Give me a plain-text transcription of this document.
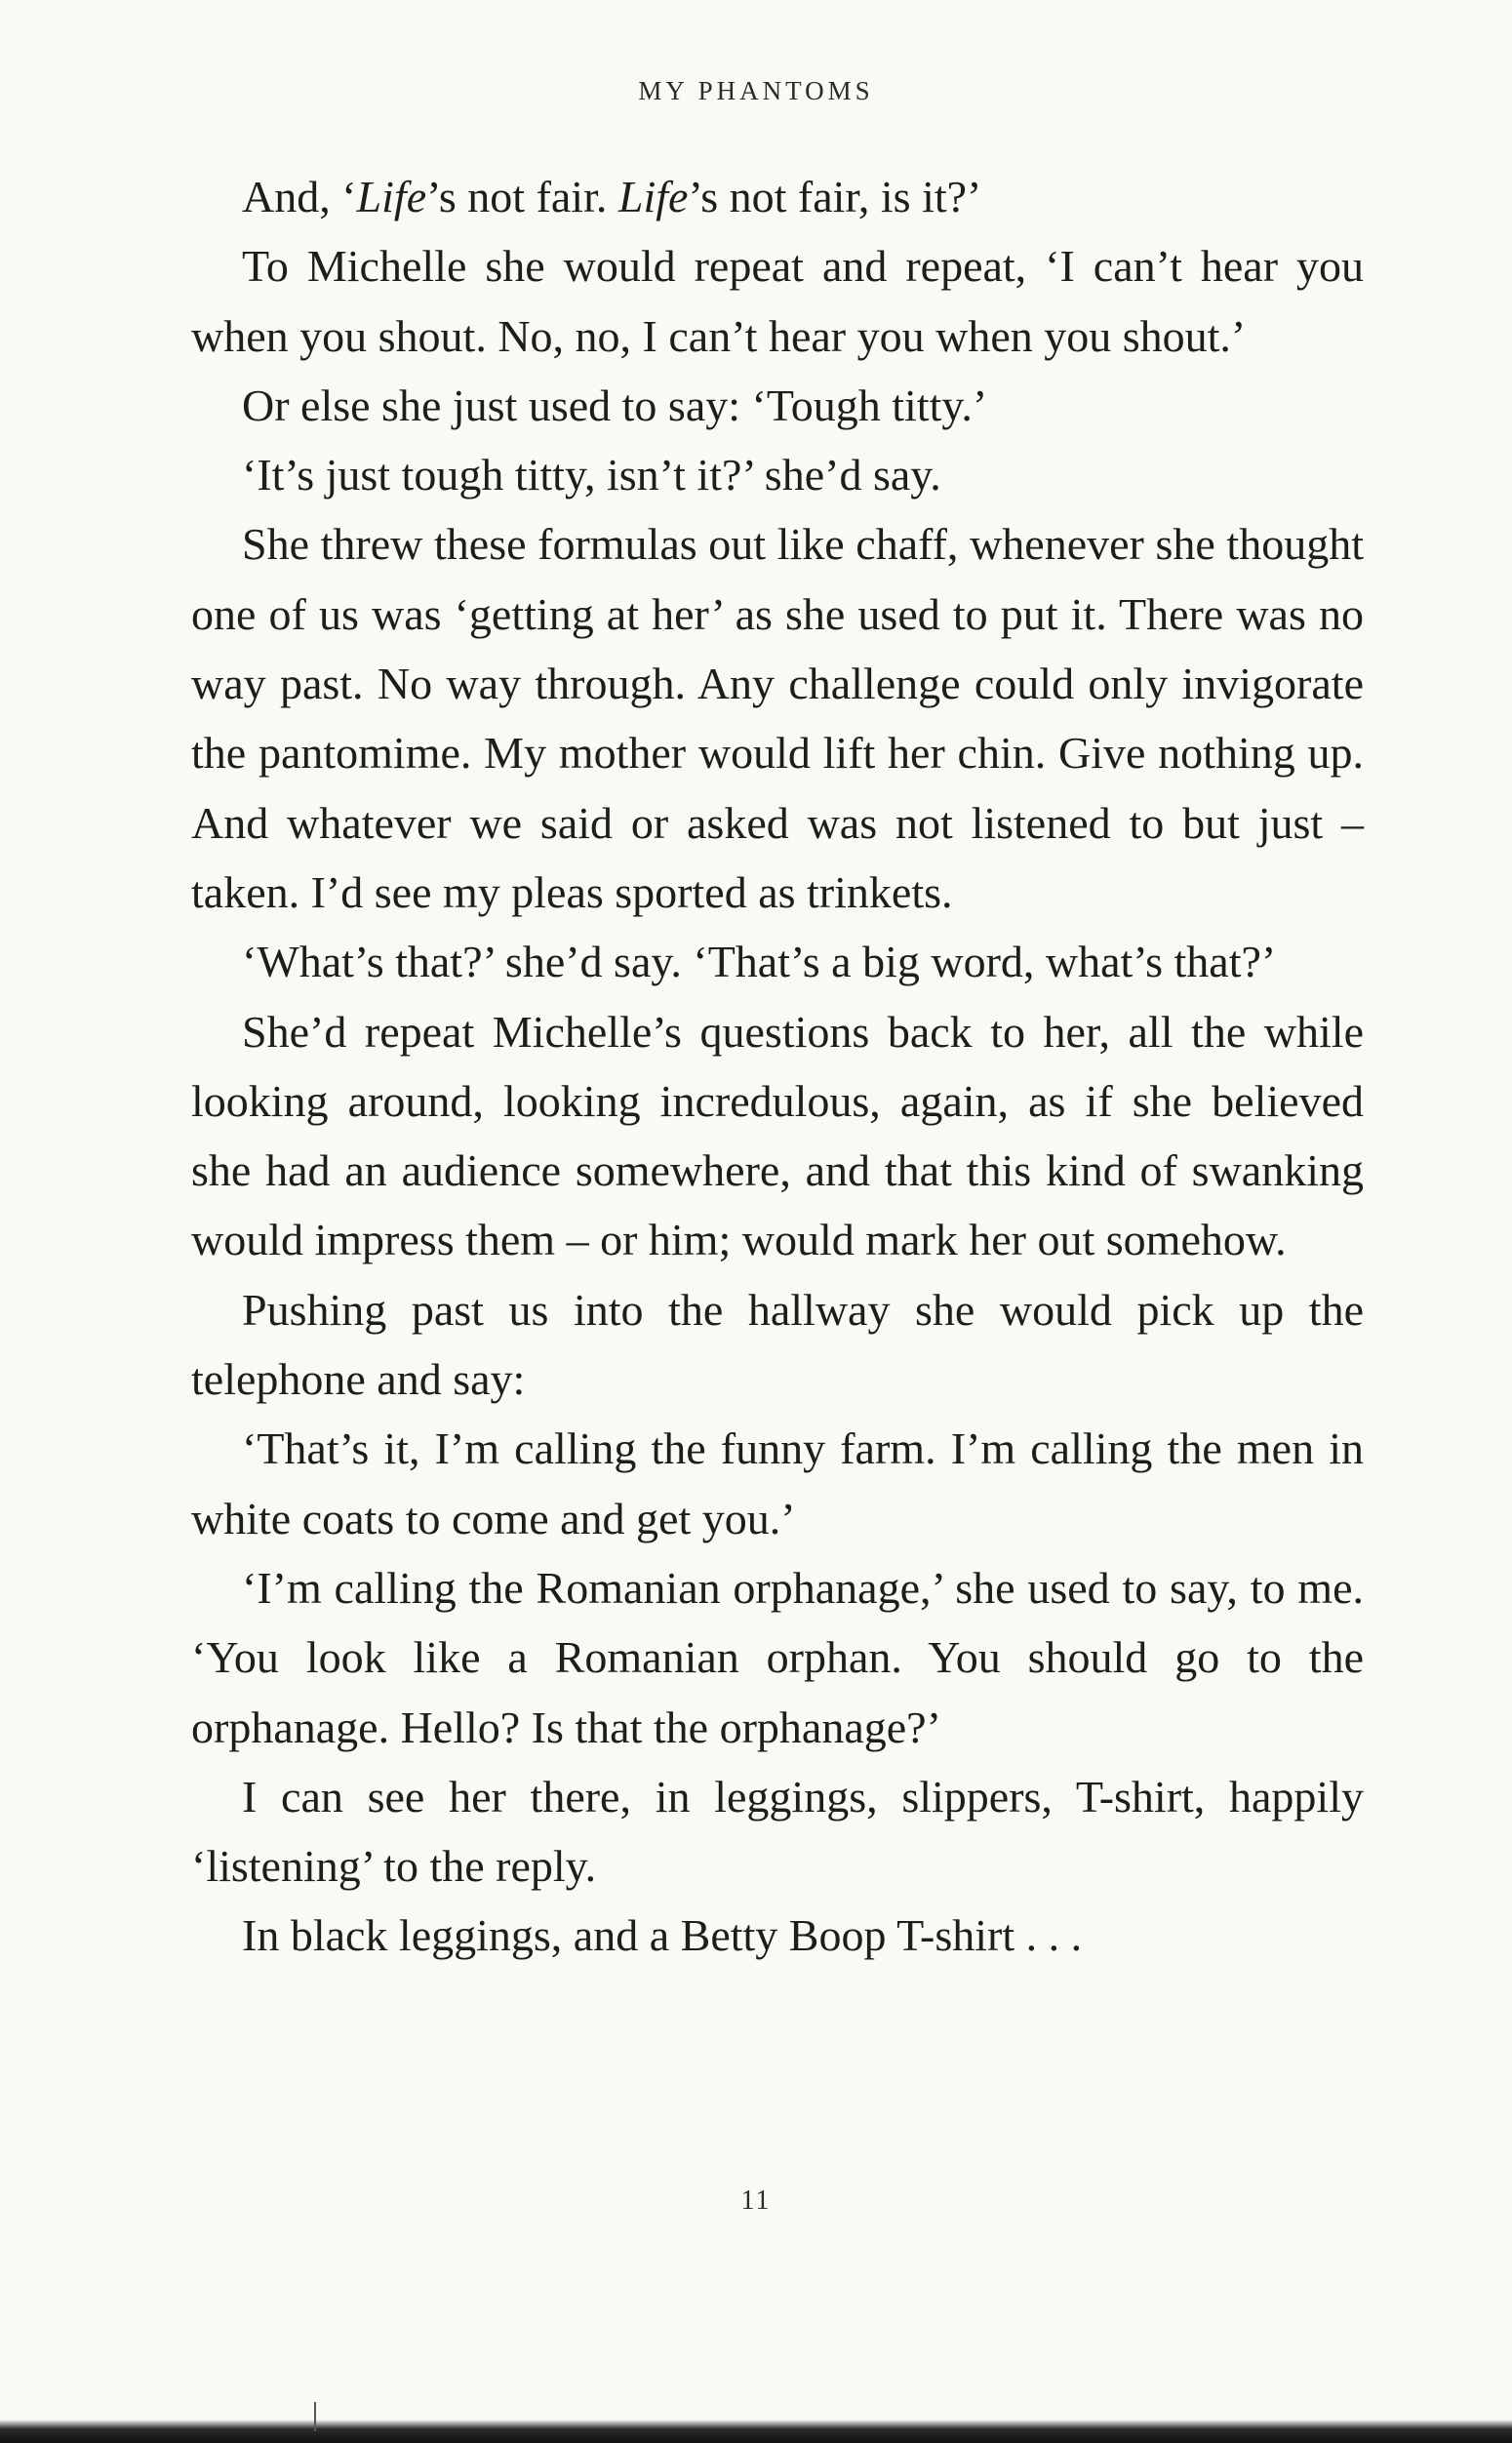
MY PHANTOMS

And, ‘Life’s not fair. Life’s not fair, is it?’

To Michelle she would repeat and repeat, ‘I can’t hear you when you shout. No, no, I can’t hear you when you shout.’

Or else she just used to say: ‘Tough titty.’

‘It’s just tough titty, isn’t it?’ she’d say.

She threw these formulas out like chaff, whenever she thought one of us was ‘getting at her’ as she used to put it. There was no way past. No way through. Any challenge could only invigorate the pantomime. My mother would lift her chin. Give nothing up. And whatever we said or asked was not listened to but just – taken. I’d see my pleas sported as trinkets.

‘What’s that?’ she’d say. ‘That’s a big word, what’s that?’

She’d repeat Michelle’s questions back to her, all the while looking around, looking incredulous, again, as if she believed she had an audience somewhere, and that this kind of swanking would impress them – or him; would mark her out somehow.

Pushing past us into the hallway she would pick up the telephone and say:

‘That’s it, I’m calling the funny farm. I’m calling the men in white coats to come and get you.’

‘I’m calling the Romanian orphanage,’ she used to say, to me. ‘You look like a Romanian orphan. You should go to the orphanage. Hello? Is that the orphanage?’

I can see her there, in leggings, slippers, T-shirt, happily ‘listening’ to the reply.

In black leggings, and a Betty Boop T-shirt . . .

11
